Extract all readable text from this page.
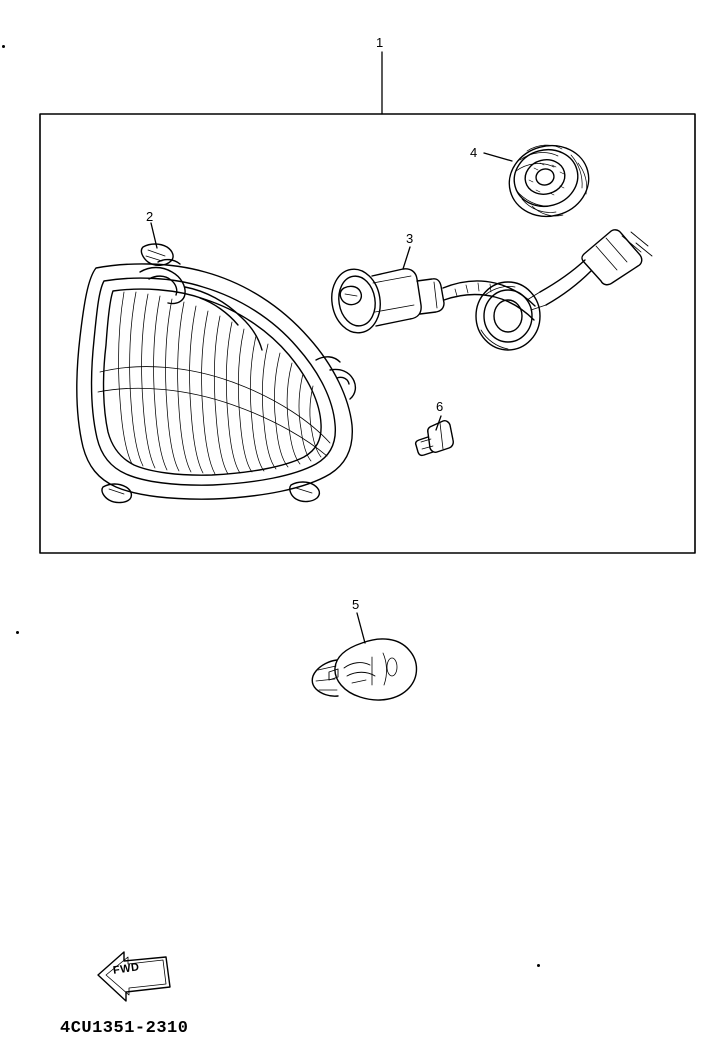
1
2
3
4
5
6
FWD
4CU1351-2310
